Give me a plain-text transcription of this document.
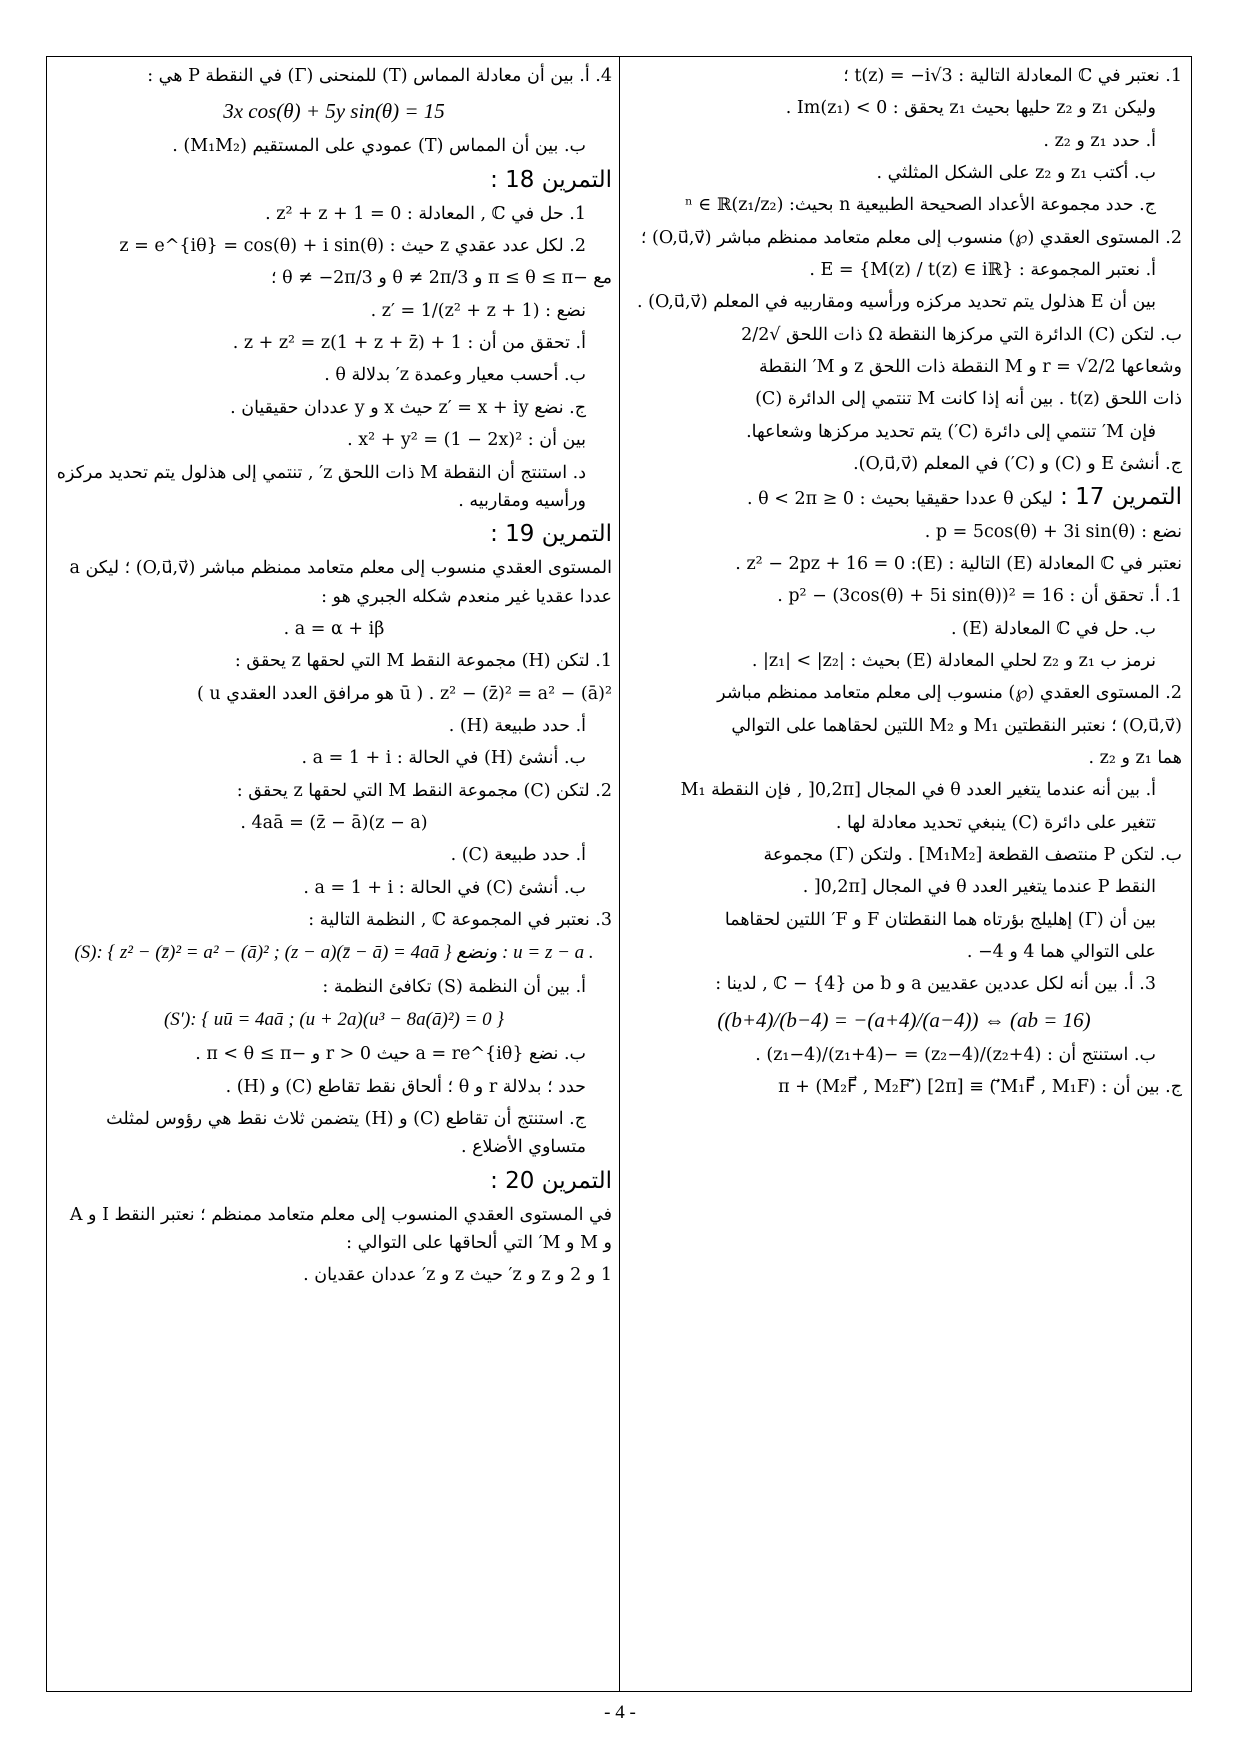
1. نعتبر في ℂ المعادلة التالية : t(z) = −i√3 ؛

وليكن z₁ و z₂ حليها بحيث z₁ يحقق : Im(z₁) < 0 .

أ. حدد z₁ و z₂ .

ب. أكتب z₁ و z₂ على الشكل المثلثي .

ج. حدد مجموعة الأعداد الصحيحة الطبيعية n بحيث: (z₁/z₂)ⁿ ∈ ℝ

2. المستوى العقدي (℘) منسوب إلى معلم متعامد ممنظم مباشر (O,u⃗,v⃗) ؛

أ. نعتبر المجموعة : E = {M(z) / t(z) ∈ iℝ} .

بين أن E هذلول يتم تحديد مركزه ورأسيه ومقاربيه في المعلم (O,u⃗,v⃗) .

ب. لتكن (C) الدائرة التي مركزها النقطة Ω ذات اللحق √2/2

وشعاعها r = √2/2 و M النقطة ذات اللحق z و M′ النقطة

ذات اللحق t(z) . بين أنه إذا كانت M تنتمي إلى الدائرة (C)

فإن M′ تنتمي إلى دائرة (C′) يتم تحديد مركزها وشعاعها.

ج. أنشئ E و (C) و (C′) في المعلم (O,u⃗,v⃗).

التمرين 17 : ليكن θ عددا حقيقيا بحيث : 0 ≤ θ < 2π .

نضع : p = 5cos(θ) + 3i sin(θ) .

نعتبر في ℂ المعادلة (E) التالية : (E): z² − 2pz + 16 = 0 .

1. أ. تحقق أن : p² − (3cos(θ) + 5i sin(θ))² = 16 .

ب. حل في ℂ المعادلة (E) .

نرمز ب z₁ و z₂ لحلي المعادلة (E) بحيث : |z₁| < |z₂| .

2. المستوى العقدي (℘) منسوب إلى معلم متعامد ممنظم مباشر

(O,u⃗,v⃗) ؛ نعتبر النقطتين M₁ و M₂ اللتين لحقاهما على التوالي

هما z₁ و z₂ .

أ. بين أنه عندما يتغير العدد θ في المجال [0,2π[ , فإن النقطة M₁

تتغير على دائرة (C) ينبغي تحديد معادلة لها .

ب. لتكن P منتصف القطعة [M₁M₂] . ولتكن (Γ) مجموعة

النقط P عندما يتغير العدد θ في المجال [0,2π[ .

بين أن (Γ) إهليلج بؤرتاه هما النقطتان F و F′ اللتين لحقاهما

على التوالي هما 4 و 4− .

3. أ. بين أنه لكل عددين عقديين a و b من ℂ − {4} , لدينا :

((b+4)/(b−4) = −(a+4)/(a−4)) ⇔ (ab = 16)

ب. استنتج أن : (z₂+4)/(z₂−4) = −(z₁+4)/(z₁−4) .

ج. بين أن : (M₁F⃗ , M₁F′⃗) ≡ π + (M₂F⃗ , M₂F′⃗) [2π]

4. أ. بين أن معادلة المماس (T) للمنحنى (Γ) في النقطة P هي :

3x cos(θ) + 5y sin(θ) = 15

ب. بين أن المماس (T) عمودي على المستقيم (M₁M₂) .

التمرين 18 :

1. حل في ℂ , المعادلة : z² + z + 1 = 0 .

2. لكل عدد عقدي z حيث : z = e^{iθ} = cos(θ) + i sin(θ)

مع −π ≤ θ ≤ π و θ ≠ 2π/3 و θ ≠ −2π/3 ؛

نضع : z′ = 1/(z² + z + 1) .

أ. تحقق من أن : 1 + z + z² = z(1 + z + z̄) .

ب. أحسب معيار وعمدة z′ بدلالة θ .

ج. نضع z′ = x + iy حيث x و y عددان حقيقيان .

بين أن : x² + y² = (1 − 2x)² .

د. استنتج أن النقطة M ذات اللحق z′ , تنتمي إلى هذلول يتم تحديد مركزه ورأسيه ومقاربيه .

التمرين 19 :

المستوى العقدي منسوب إلى معلم متعامد ممنظم مباشر (O,u⃗,v⃗) ؛ ليكن a عددا عقديا غير منعدم شكله الجبري هو :

a = α + iβ .

1. لتكن (H) مجموعة النقط M التي لحقها z يحقق :

z² − (z̄)² = a² − (ā)² . ( ū هو مرافق العدد العقدي u )

أ. حدد طبيعة (H) .

ب. أنشئ (H) في الحالة : a = 1 + i .

2. لتكن (C) مجموعة النقط M التي لحقها z يحقق :

(z − a)(z̄ − ā) = 4aā .

أ. حدد طبيعة (C) .

ب. أنشئ (C) في الحالة : a = 1 + i .

3. نعتبر في المجموعة ℂ , النظمة التالية :

(S): { z² − (z̄)² = a² − (ā)² ; (z − a)(z̄ − ā) = 4aā } ونضع : u = z − a .

أ. بين أن النظمة (S) تكافئ النظمة :

(S′): { uū = 4aā ; (u + 2a)(u³ − 8a(ā)²) = 0 }

ب. نضع a = re^{iθ} حيث r > 0 و −π < θ ≤ π .

حدد ؛ بدلالة r و θ ؛ ألحاق نقط تقاطع (C) و (H) .

ج. استنتج أن تقاطع (C) و (H) يتضمن ثلاث نقط هي رؤوس لمثلث متساوي الأضلاع .

التمرين 20 :

في المستوى العقدي المنسوب إلى معلم متعامد ممنظم ؛ نعتبر النقط I و A و M و M′ التي ألحاقها على التوالي :

1 و 2 و z و z′ حيث z و z′ عددان عقديان .

- 4 -
